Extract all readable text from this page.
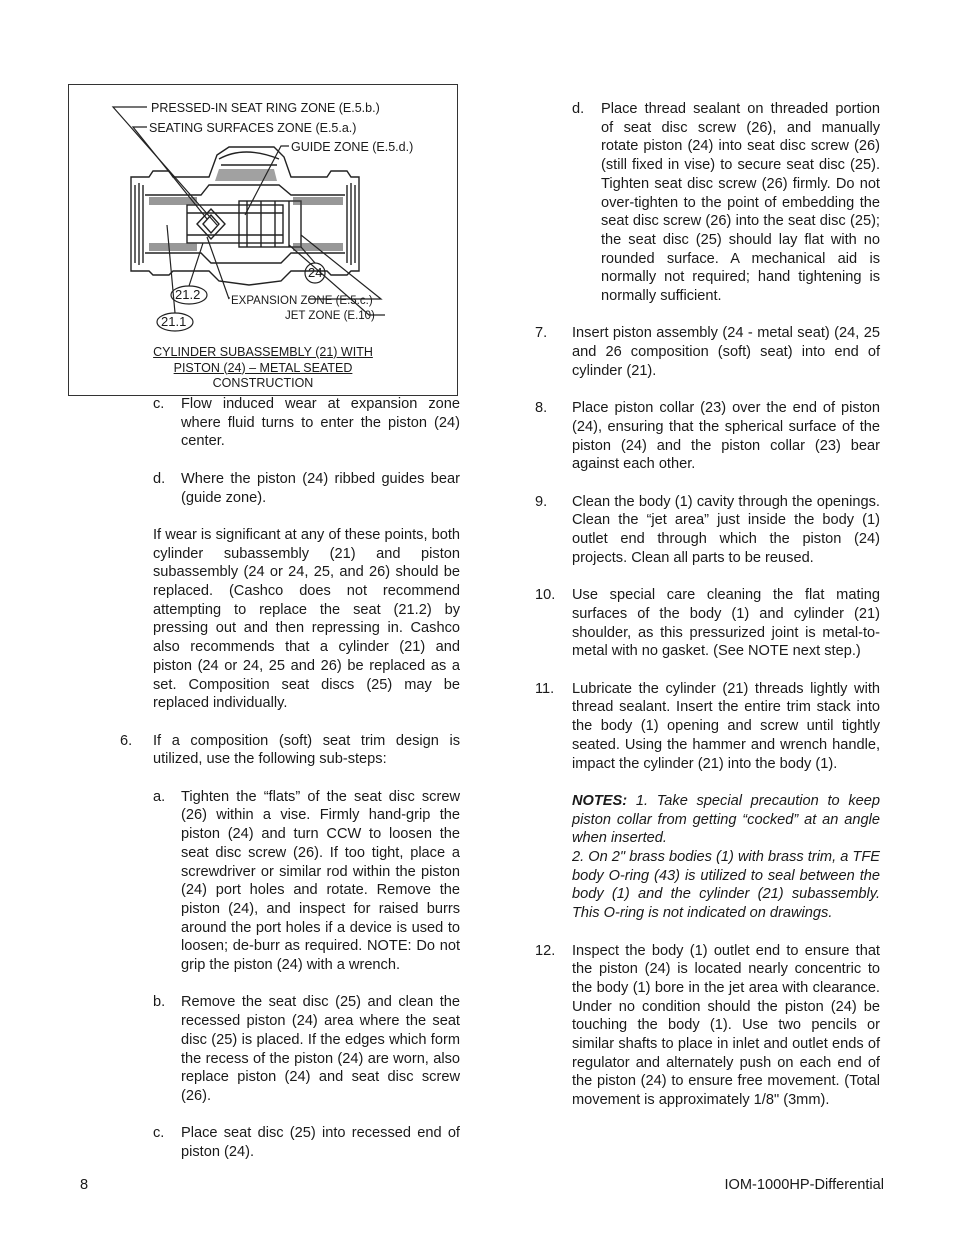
PRESSED-IN SEAT RING ZONE (E.5.b.)
SEATING SURFACES ZONE (E.5.a.)
GUIDE ZONE (E.5.d.)
EXPANSION ZONE (E.5.c.)
JET ZONE (E.10)
24
21.2
21.1
CYLINDER SUBASSEMBLY (21) WITH
PISTON (24) – METAL SEATED
CONSTRUCTION
c.	Flow induced wear at expansion zone where fluid turns to enter the piston (24) center.
d.	Where the piston (24) ribbed guides bear (guide zone).
If wear is significant at any of these points, both cylinder subassembly (21) and piston subassembly (24 or 24, 25, and 26) should be replaced. (Cashco does not recommend attempting to replace the seat (21.2) by pressing out and then repressing in. Cashco also recommends that a cylinder (21) and piston (24 or 24, 25 and 26) be replaced as a set. Composition seat discs (25) may be replaced individually.
6.	If a composition (soft) seat trim design is utilized, use the following sub-steps:
a.	Tighten the “flats” of the seat disc screw (26) within a vise. Firmly hand-grip the piston (24) and turn CCW to loosen the seat disc screw (26). If too tight, place a screwdriver or similar rod within the piston (24) port holes and rotate. Remove the piston (24), and inspect for raised burrs around the port holes if a device is used to loosen; de-burr as required. NOTE: Do not grip the piston (24) with a wrench.
b.	Remove the seat disc (25) and clean the recessed piston (24) area where the seat disc (25) is placed. If the edges which form the recess of the piston (24) are worn, also replace piston (24) and seat disc screw (26).
c.	Place seat disc (25) into recessed end of piston (24).
d.	Place thread sealant on threaded portion of seat disc screw (26), and manually rotate piston (24) into seat disc screw (26) (still fixed in vise) to secure seat disc (25). Tighten seat disc screw (26) firmly. Do not over-tighten to the point of embedding the seat disc screw (26) into the seat disc (25); the seat disc (25) should lay flat with no rounded surface. A mechanical aid is normally not required; hand tightening is normally sufficient.
7.	Insert piston assembly (24 - metal seat) (24, 25 and 26 composition (soft) seat) into end of cylinder (21).
8.	Place piston collar (23) over the end of piston (24), ensuring that the spherical surface of the piston (24) and the piston collar (23) bear against each other.
9.	Clean the body (1) cavity through the openings. Clean the “jet area” just inside the body (1) outlet end through which the piston (24) projects. Clean all parts to be reused.
10.	Use special care cleaning the flat mating surfaces of the body (1) and cylinder (21) shoulder, as this pressurized joint is metal-to-metal with no gasket. (See NOTE next step.)
11.	Lubricate the cylinder (21) threads lightly with thread sealant. Insert the entire trim stack into the body (1) opening and screw until tightly seated. Using the hammer and wrench handle, impact the cylinder (21) into the body (1).
NOTES: 1. Take special precaution to keep piston collar from getting “cocked” at an angle when inserted.
2. On 2" brass bodies (1) with brass trim, a TFE body O-ring (43) is utilized to seal between the body (1) and the cylinder (21) subassembly. This O-ring is not indicated on drawings.
12.	Inspect the body (1) outlet end to ensure that the piston (24) is located nearly concentric to the body (1) bore in the jet area with clearance. Under no condition should the piston (24) be touching the body (1). Use two pencils or similar shafts to place in inlet and outlet ends of regulator and alternately push on each end of the piston (24) to ensure free movement. (Total movement is approximately 1/8" (3mm).
8	IOM-1000HP-Differential
